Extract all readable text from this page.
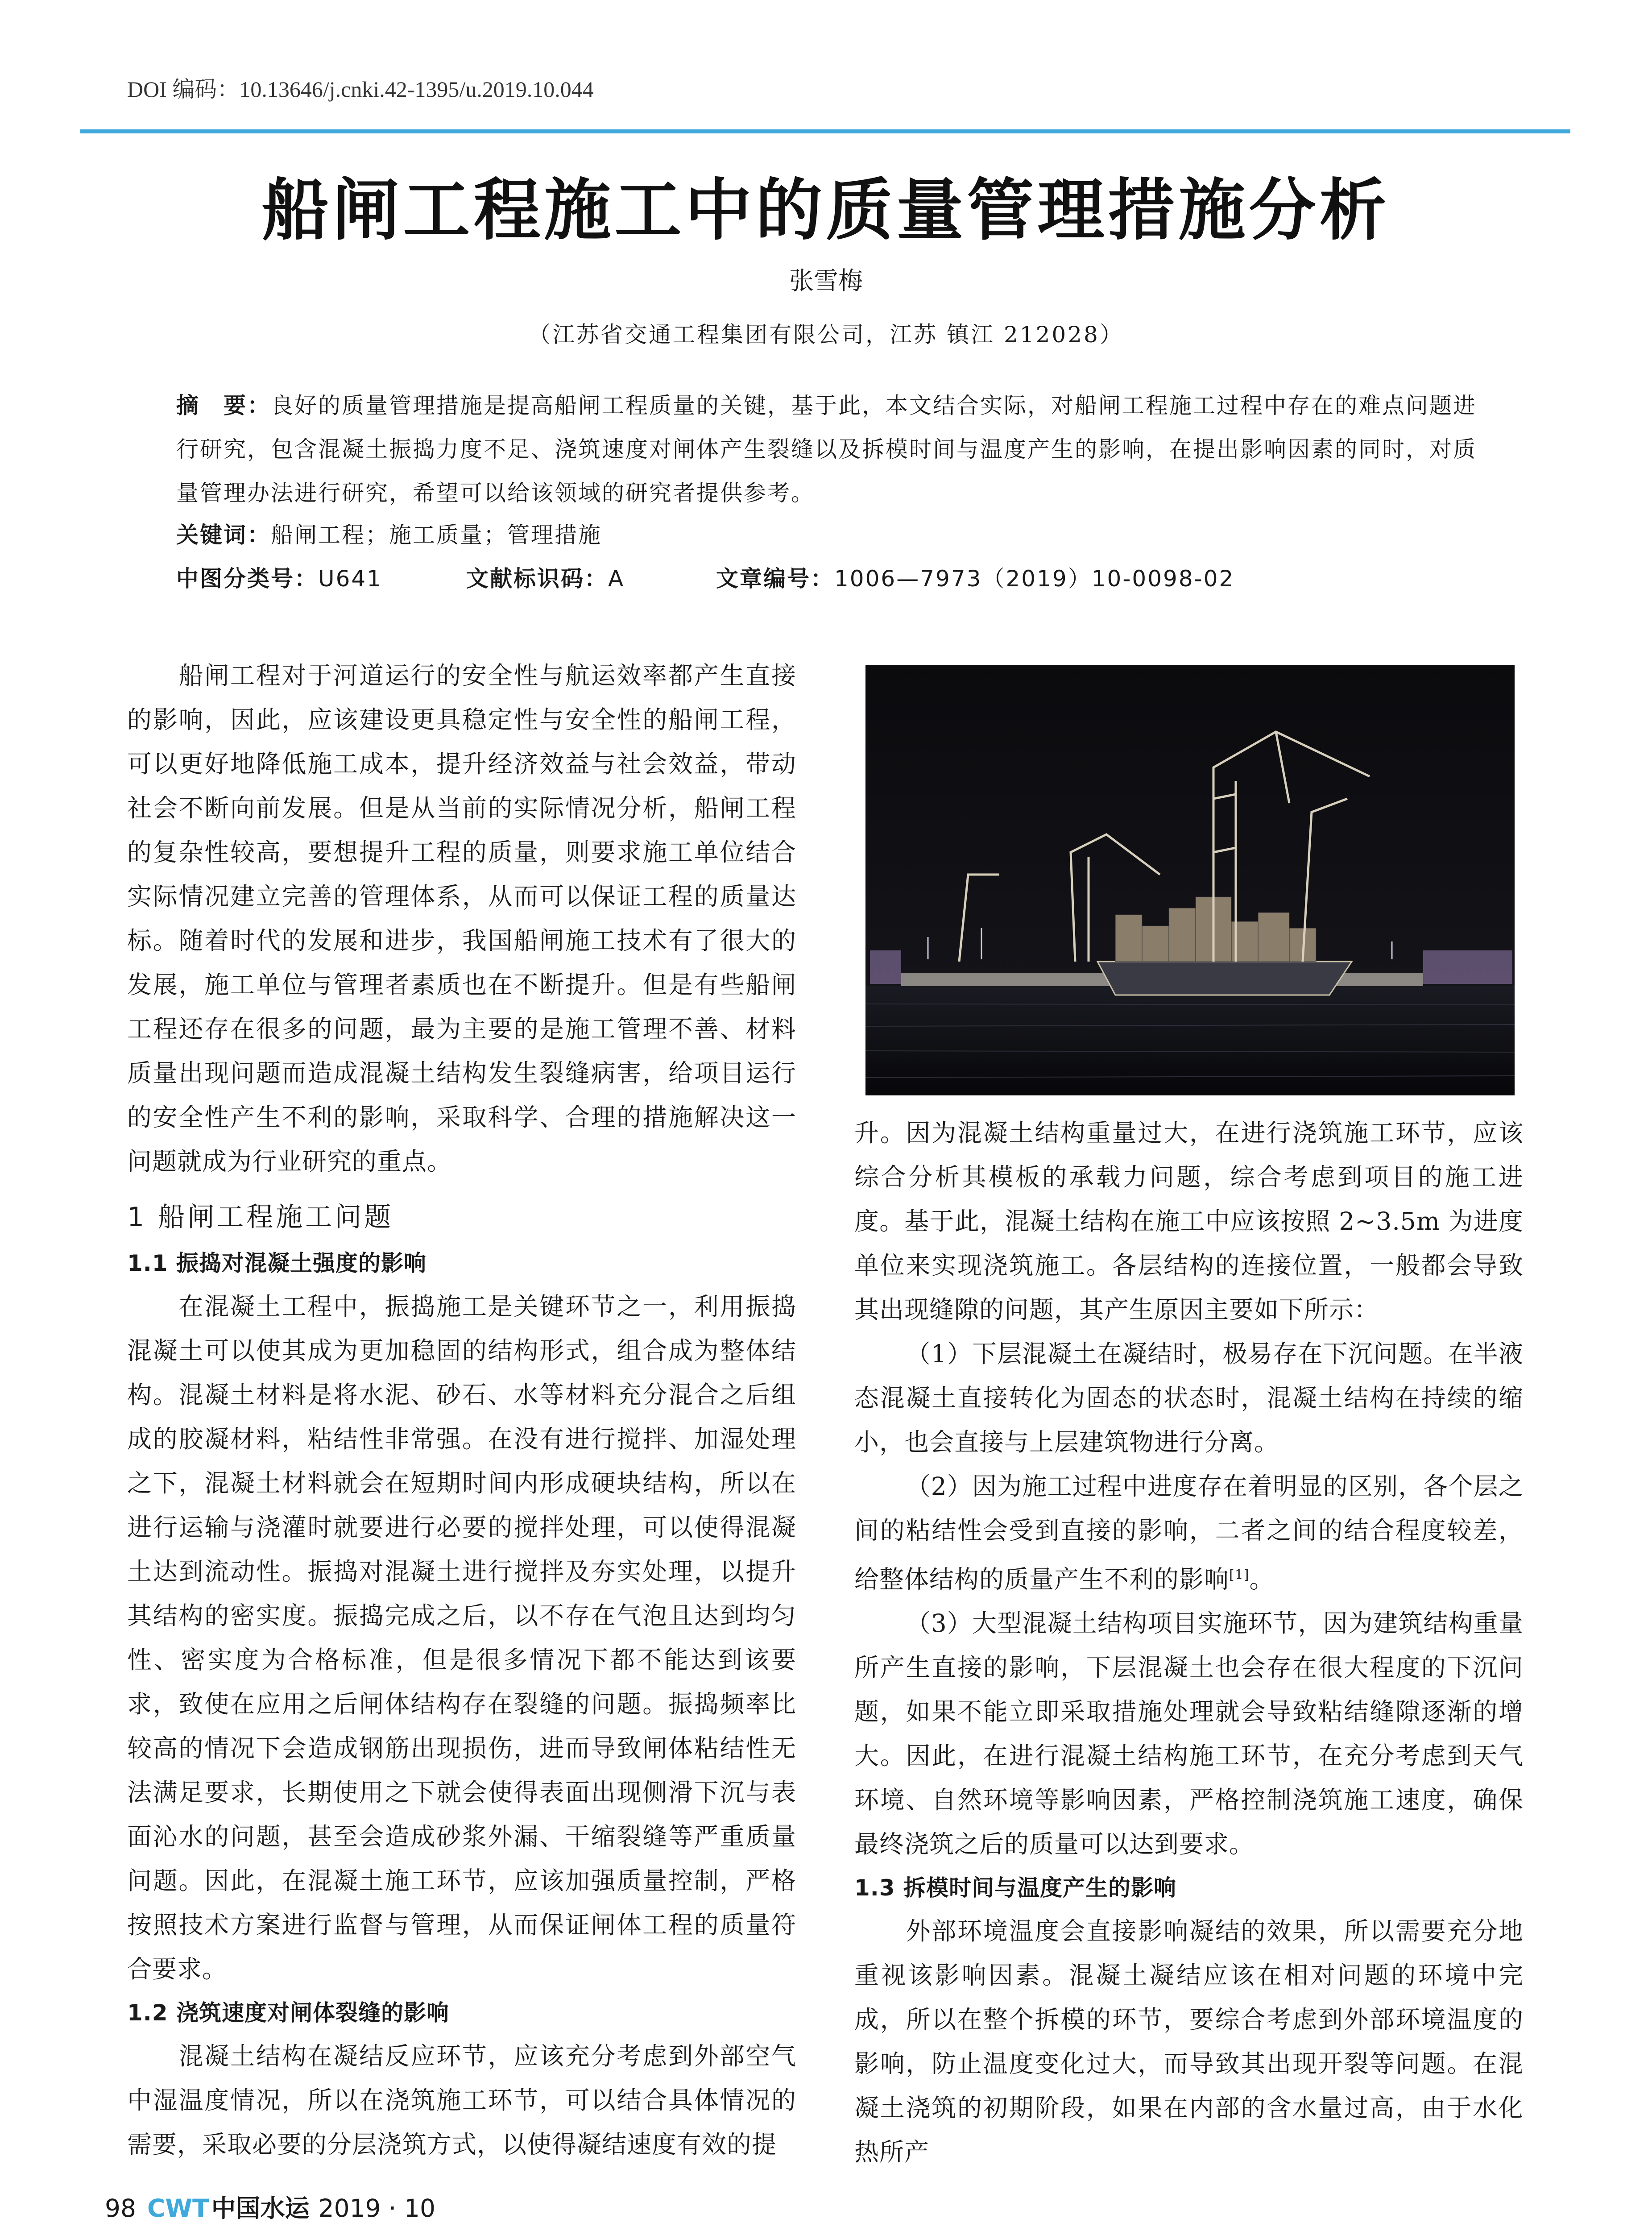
DOI 编码：10.13646/j.cnki.42-1395/u.2019.10.044
船闸工程施工中的质量管理措施分析
张雪梅
（江苏省交通工程集团有限公司，江苏 镇江 212028）
摘　要：良好的质量管理措施是提高船闸工程质量的关键，基于此，本文结合实际，对船闸工程施工过程中存在的难点问题进行研究，包含混凝土振捣力度不足、浇筑速度对闸体产生裂缝以及拆模时间与温度产生的影响，在提出影响因素的同时，对质量管理办法进行研究，希望可以给该领域的研究者提供参考。
关键词：船闸工程；施工质量；管理措施
中图分类号：U641	文献标识码：A	文章编号：1006—7973（2019）10-0098-02

船闸工程对于河道运行的安全性与航运效率都产生直接的影响，因此，应该建设更具稳定性与安全性的船闸工程，可以更好地降低施工成本，提升经济效益与社会效益，带动社会不断向前发展。但是从当前的实际情况分析，船闸工程的复杂性较高，要想提升工程的质量，则要求施工单位结合实际情况建立完善的管理体系，从而可以保证工程的质量达标。随着时代的发展和进步，我国船闸施工技术有了很大的发展，施工单位与管理者素质也在不断提升。但是有些船闸工程还存在很多的问题，最为主要的是施工管理不善、材料质量出现问题而造成混凝土结构发生裂缝病害，给项目运行的安全性产生不利的影响，采取科学、合理的措施解决这一问题就成为行业研究的重点。

1 船闸工程施工问题
1.1 振捣对混凝土强度的影响

在混凝土工程中，振捣施工是关键环节之一，利用振捣混凝土可以使其成为更加稳固的结构形式，组合成为整体结构。混凝土材料是将水泥、砂石、水等材料充分混合之后组成的胶凝材料，粘结性非常强。在没有进行搅拌、加湿处理之下，混凝土材料就会在短期时间内形成硬块结构，所以在进行运输与浇灌时就要进行必要的搅拌处理，可以使得混凝土达到流动性。振捣对混凝土进行搅拌及夯实处理，以提升其结构的密实度。振捣完成之后，以不存在气泡且达到均匀性、密实度为合格标准，但是很多情况下都不能达到该要求，致使在应用之后闸体结构存在裂缝的问题。振捣频率比较高的情况下会造成钢筋出现损伤，进而导致闸体粘结性无法满足要求，长期使用之下就会使得表面出现侧滑下沉与表面沁水的问题，甚至会造成砂浆外漏、干缩裂缝等严重质量问题。因此，在混凝土施工环节，应该加强质量控制，严格按照技术方案进行监督与管理，从而保证闸体工程的质量符合要求。

1.2 浇筑速度对闸体裂缝的影响

混凝土结构在凝结反应环节，应该充分考虑到外部空气中湿温度情况，所以在浇筑施工环节，可以结合具体情况的需要，采取必要的分层浇筑方式，以使得凝结速度有效的提

升。因为混凝土结构重量过大，在进行浇筑施工环节，应该综合分析其模板的承载力问题，综合考虑到项目的施工进度。基于此，混凝土结构在施工中应该按照 2~3.5m 为进度单位来实现浇筑施工。各层结构的连接位置，一般都会导致其出现缝隙的问题，其产生原因主要如下所示：

（1）下层混凝土在凝结时，极易存在下沉问题。在半液态混凝土直接转化为固态的状态时，混凝土结构在持续的缩小，也会直接与上层建筑物进行分离。

（2）因为施工过程中进度存在着明显的区别，各个层之间的粘结性会受到直接的影响，二者之间的结合程度较差，给整体结构的质量产生不利的影响[1]。

（3）大型混凝土结构项目实施环节，因为建筑结构重量所产生直接的影响，下层混凝土也会存在很大程度的下沉问题，如果不能立即采取措施处理就会导致粘结缝隙逐渐的增大。因此，在进行混凝土结构施工环节，在充分考虑到天气环境、自然环境等影响因素，严格控制浇筑施工速度，确保最终浇筑之后的质量可以达到要求。

1.3 拆模时间与温度产生的影响

外部环境温度会直接影响凝结的效果，所以需要充分地重视该影响因素。混凝土凝结应该在相对问题的环境中完成，所以在整个拆模的环节，要综合考虑到外部环境温度的影响，防止温度变化过大，而导致其出现开裂等问题。在混凝土浇筑的初期阶段，如果在内部的含水量过高，由于水化热所产

98 CWT中国水运 2019 · 10
